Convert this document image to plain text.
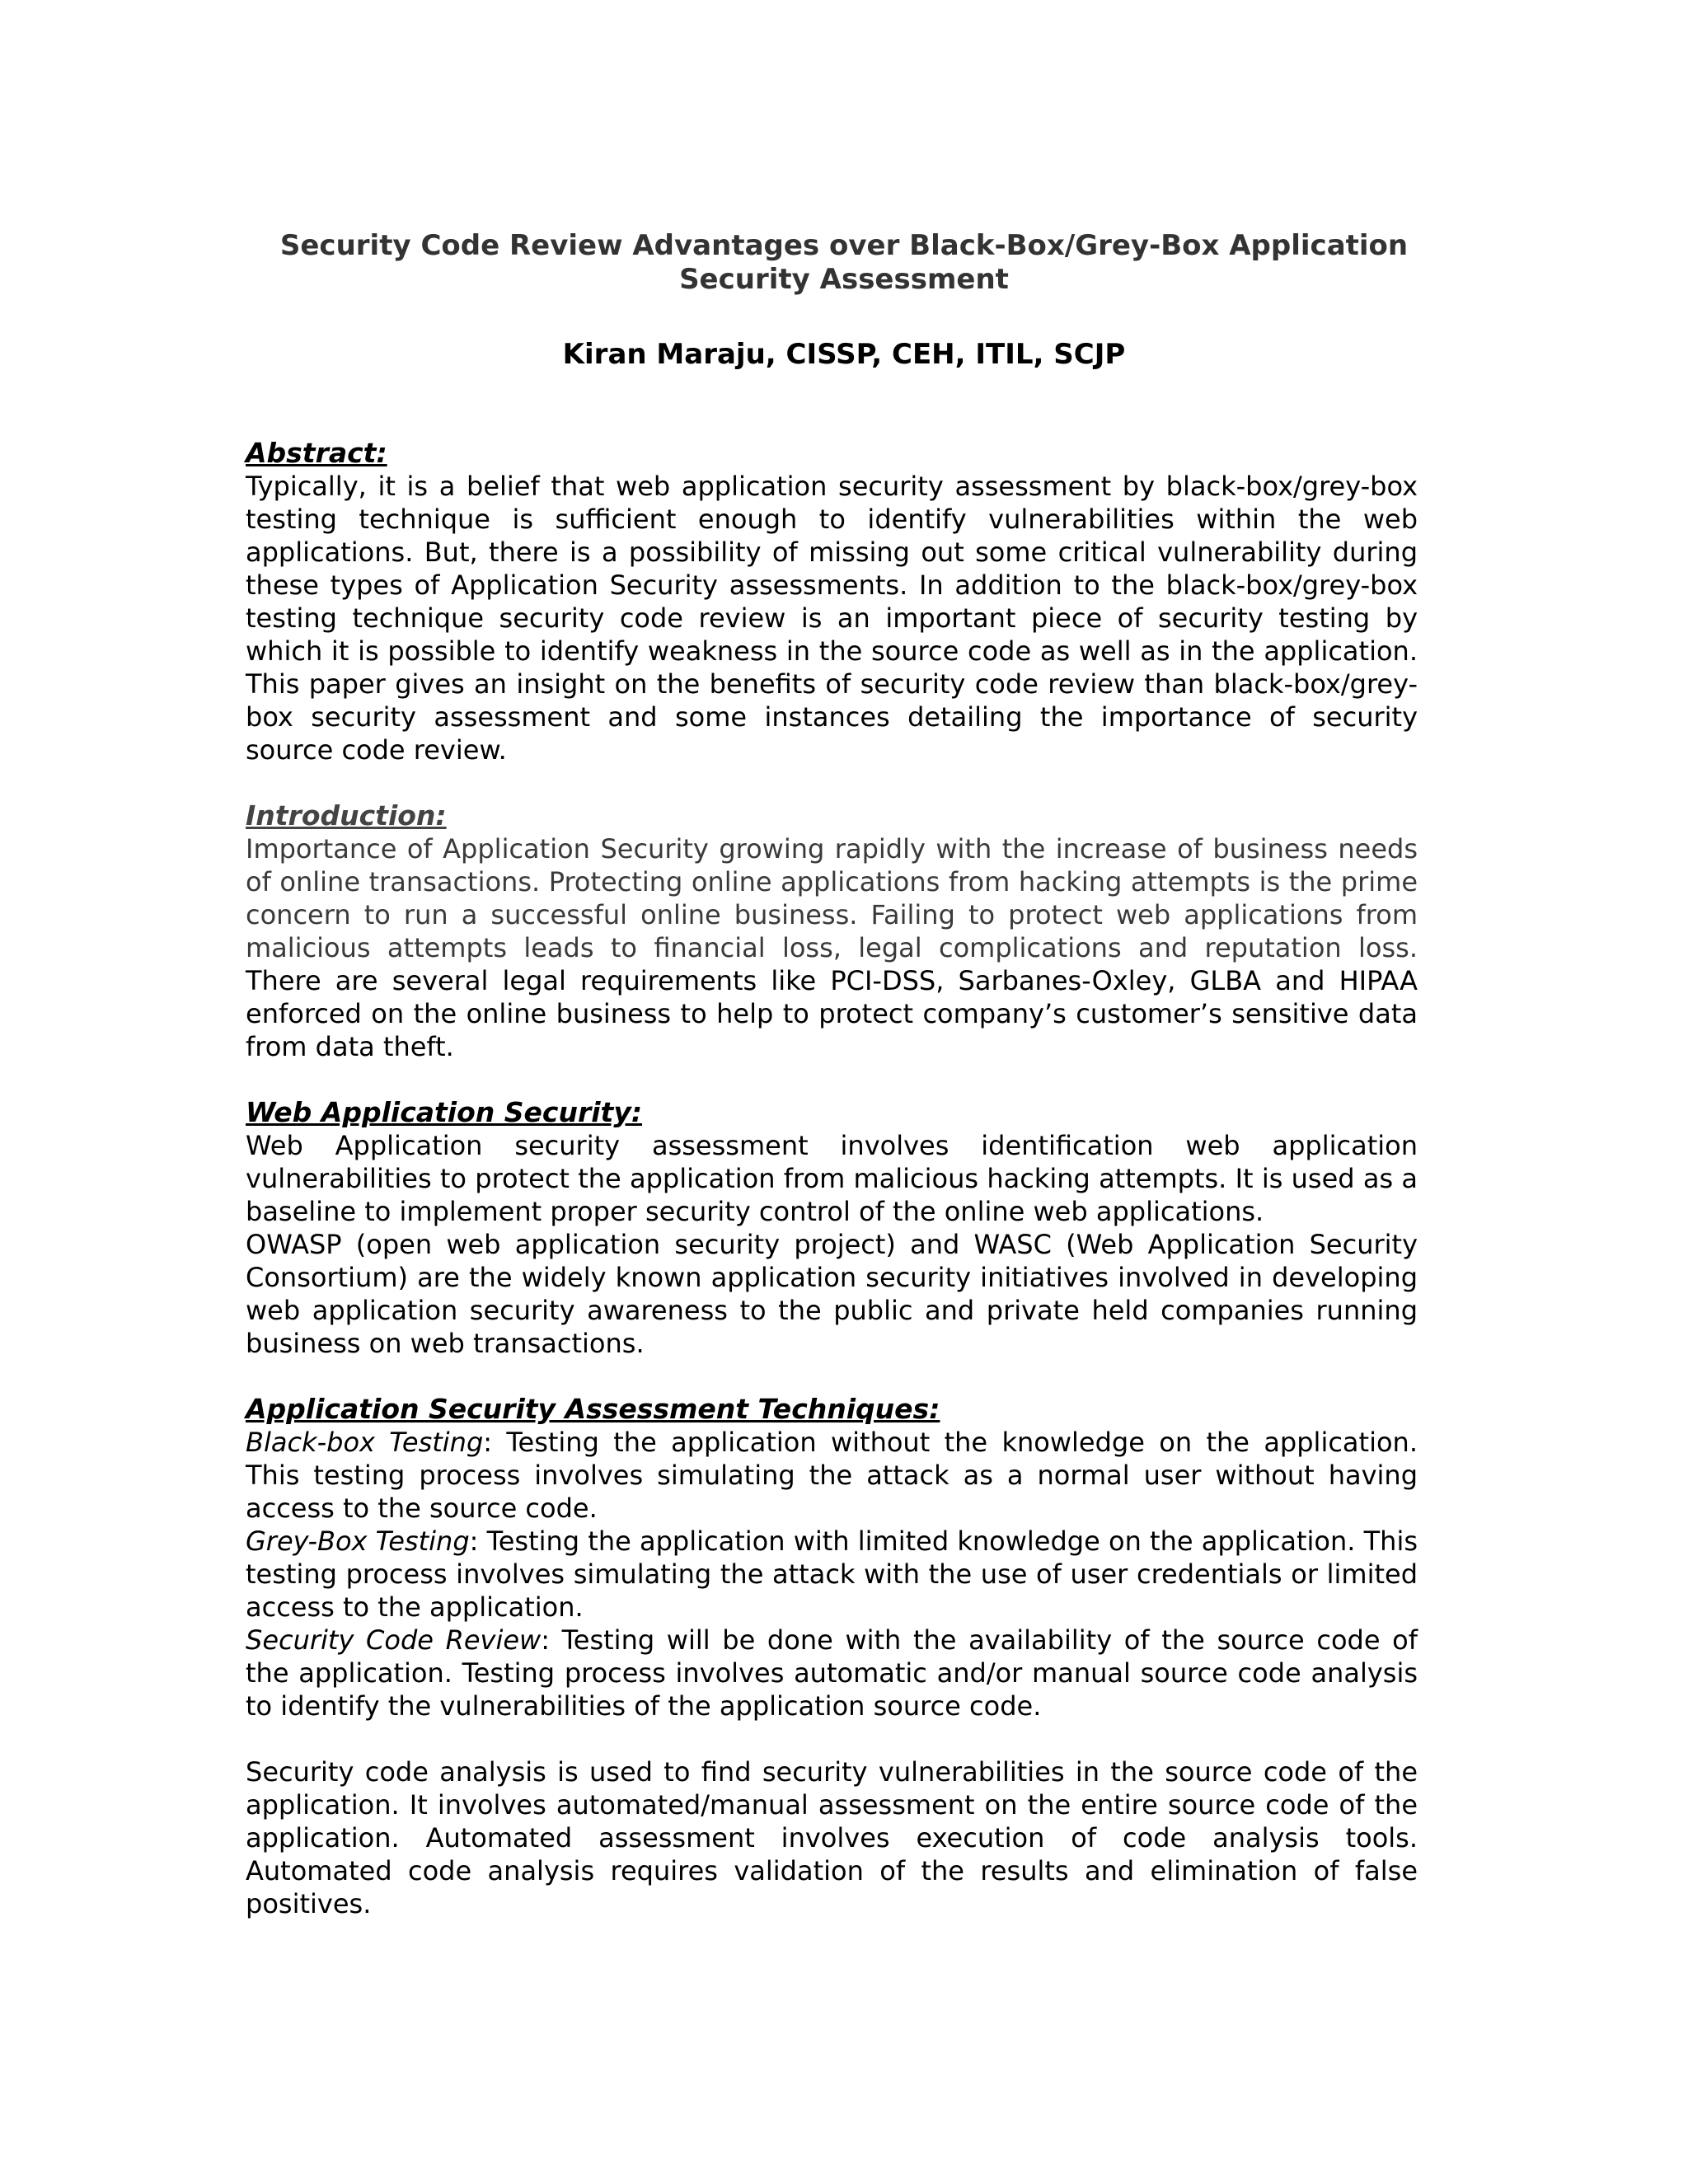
Security Code Review Advantages over Black-Box/Grey-Box Application Security Assessment
Kiran Maraju, CISSP, CEH, ITIL, SCJP

Abstract:

Typically, it is a belief that web application security assessment by black-box/grey-box testing technique is sufficient enough to identify vulnerabilities within the web applications. But, there is a possibility of missing out some critical vulnerability during these types of Application Security assessments. In addition to the black-box/grey-box testing technique security code review is an important piece of security testing by which it is possible to identify weakness in the source code as well as in the application. This paper gives an insight on the benefits of security code review than black-box/grey-box security assessment and some instances detailing the importance of security source code review.

Introduction:

Importance of Application Security growing rapidly with the increase of business needs of online transactions. Protecting online applications from hacking attempts is the prime concern to run a successful online business. Failing to protect web applications from malicious attempts leads to financial loss, legal complications and reputation loss. There are several legal requirements like PCI-DSS, Sarbanes-Oxley, GLBA and HIPAA enforced on the online business to help to protect company’s customer’s sensitive data from data theft.

Web Application Security:

Web Application security assessment involves identification web application vulnerabilities to protect the application from malicious hacking attempts. It is used as a baseline to implement proper security control of the online web applications.

OWASP (open web application security project) and WASC (Web Application Security Consortium) are the widely known application security initiatives involved in developing web application security awareness to the public and private held companies running business on web transactions.

Application Security Assessment Techniques:

Black-box Testing: Testing the application without the knowledge on the application. This testing process involves simulating the attack as a normal user without having access to the source code.

Grey-Box Testing: Testing the application with limited knowledge on the application. This testing process involves simulating the attack with the use of user credentials or limited access to the application.

Security Code Review: Testing will be done with the availability of the source code of the application. Testing process involves automatic and/or manual source code analysis to identify the vulnerabilities of the application source code.

Security code analysis is used to find security vulnerabilities in the source code of the application. It involves automated/manual assessment on the entire source code of the application. Automated assessment involves execution of code analysis tools. Automated code analysis requires validation of the results and elimination of false positives.
